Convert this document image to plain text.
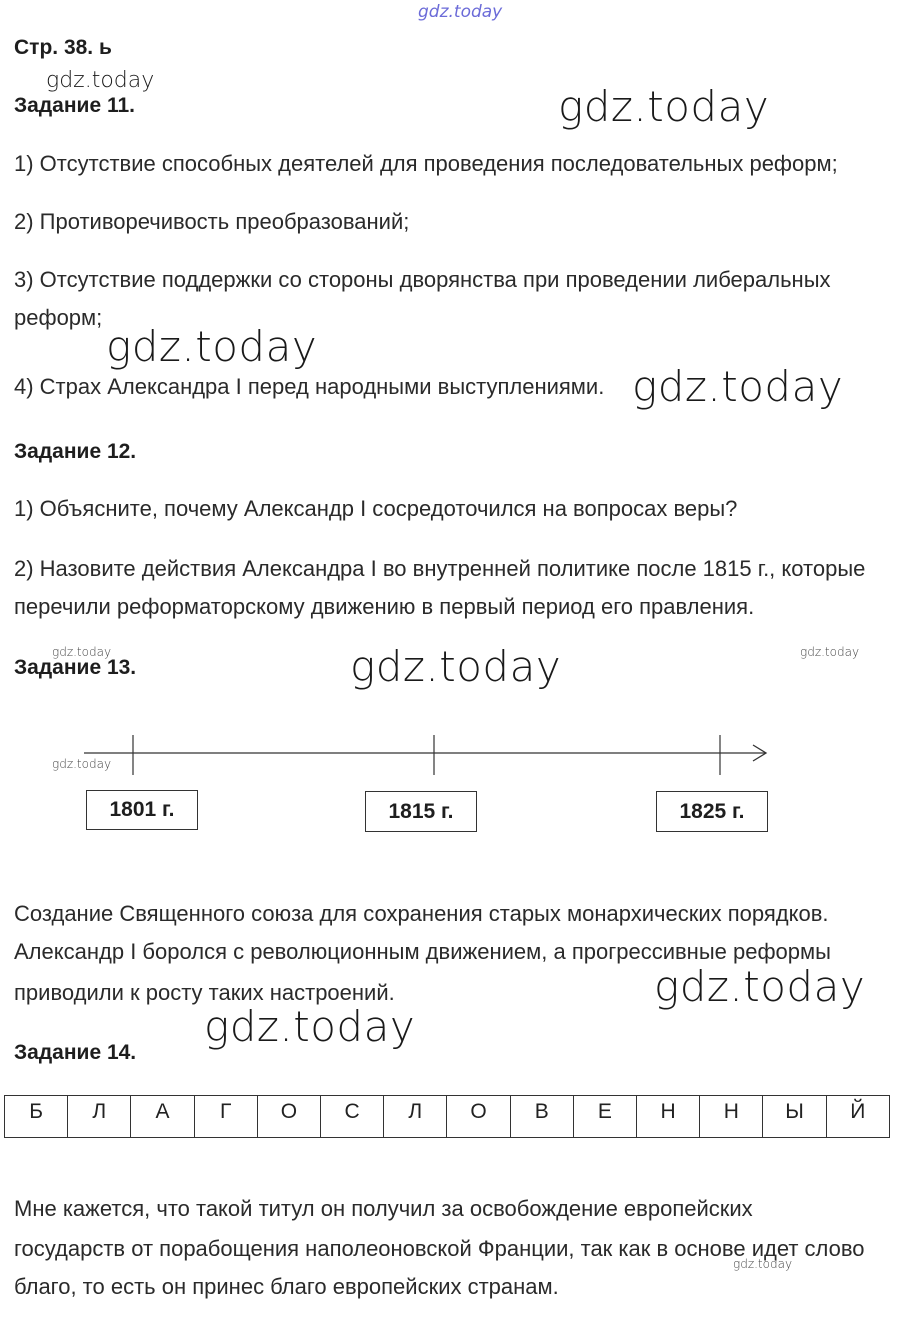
gdz.today
gdz.today
gdz.today
gdz.today
gdz.today
gdz.today	gdz.today	gdz.today
gdz.today
gdz.today
gdz.today
gdz.today
Стр. 38. ь
Задание 11.
1) Отсутствие способных деятелей для проведения последовательных реформ;
2) Противоречивость преобразований;
3) Отсутствие поддержки со стороны дворянства при проведении либеральных
реформ;
4) Страх Александра I перед народными выступлениями.
Задание 12.
1) Объясните, почему Александр I сосредоточился на вопросах веры?
2) Назовите действия Александра I во внутренней политике после 1815 г., которые
перечили реформаторскому движению в первый период его правления.
Задание 13.
1801 г.	1815 г.	1825 г.
Создание Священного союза для сохранения старых монархических порядков.
Александр I боролся с революционным движением, а прогрессивные реформы
приводили к росту таких настроений.
Задание 14.
Б	Л	А	Г	О	С	Л	О	В	Е	Н	Н	Ы	Й
Мне кажется, что такой титул он получил за освобождение европейских
государств от порабощения наполеоновской Франции, так как в основе идет слово
благо, то есть он принес благо европейских странам.
